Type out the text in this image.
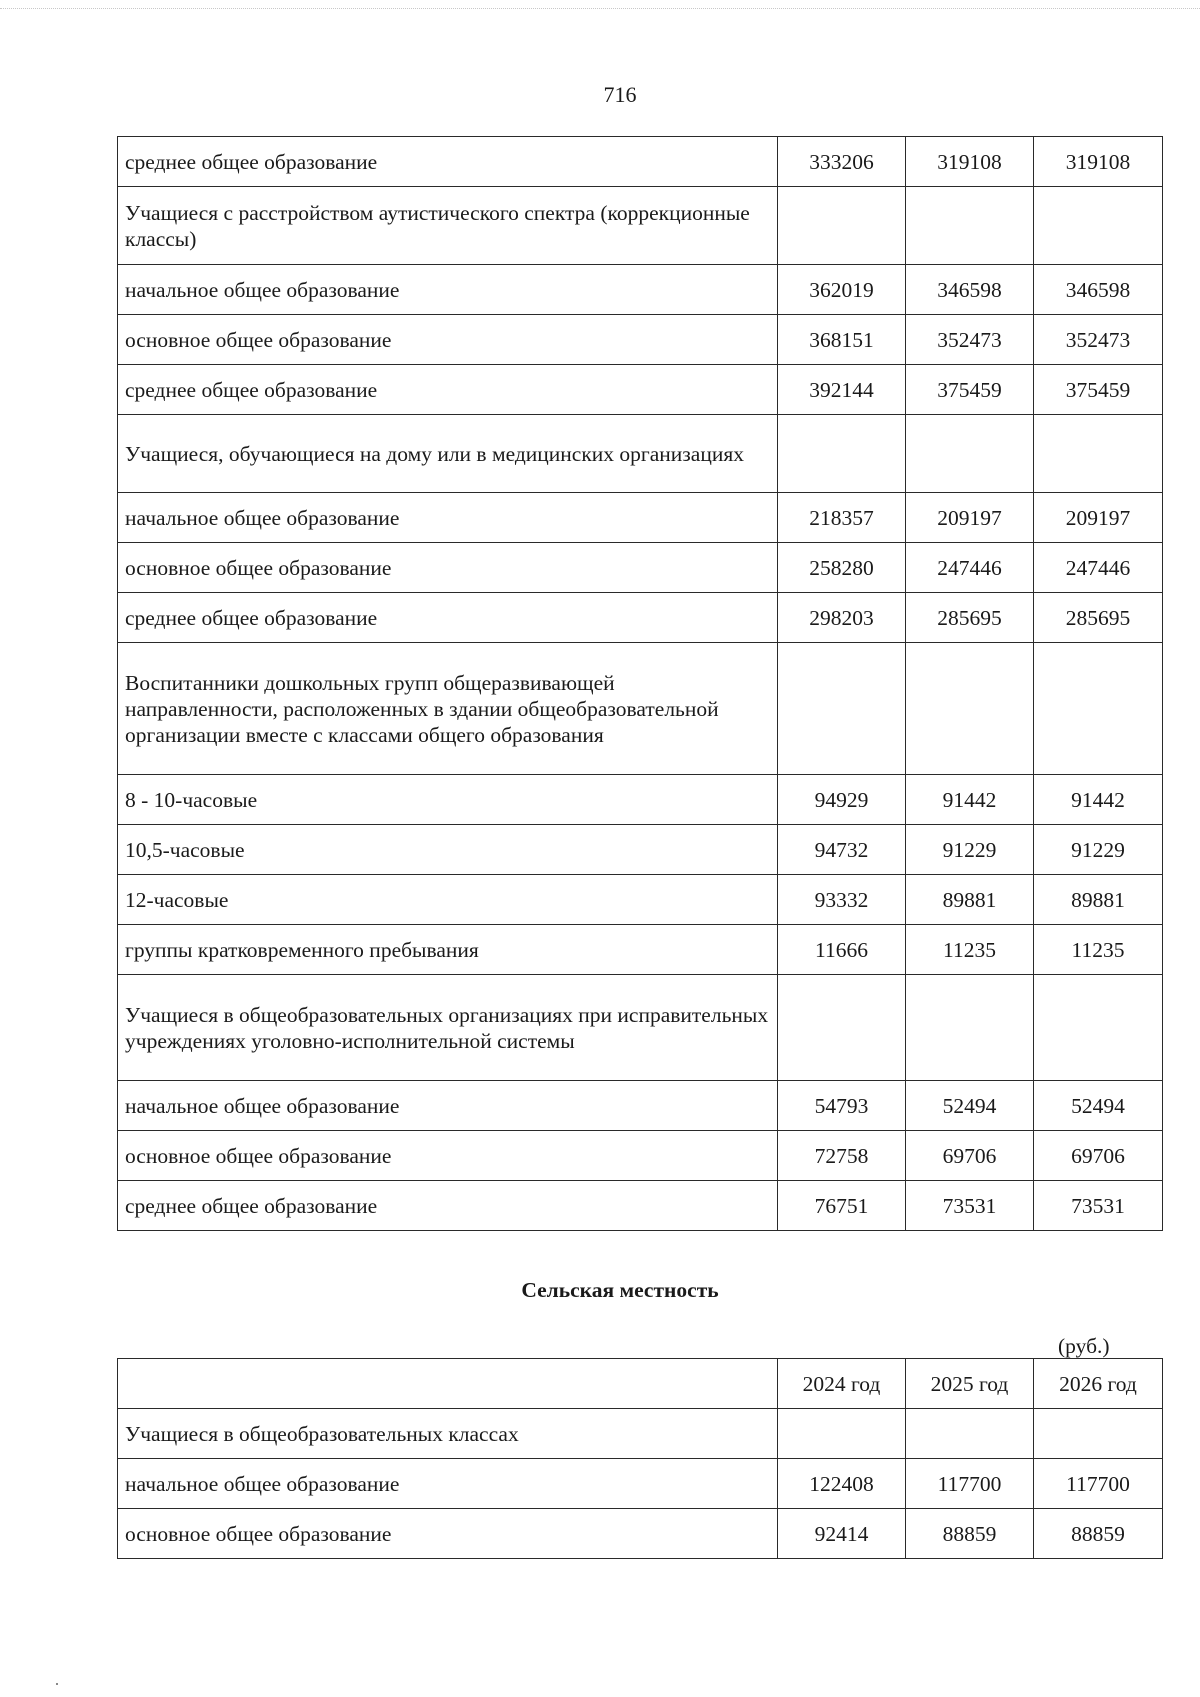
716
среднее общее образование	333206	319108	319108
Учащиеся с расстройством аутистического спектра (коррекционные классы)			
начальное общее образование	362019	346598	346598
основное общее образование	368151	352473	352473
среднее общее образование	392144	375459	375459
Учащиеся, обучающиеся на дому или в медицинских организациях			
начальное общее образование	218357	209197	209197
основное общее образование	258280	247446	247446
среднее общее образование	298203	285695	285695
Воспитанники дошкольных групп общеразвивающей направленности, расположенных в здании общеобразовательной организации вместе с классами общего образования			
8 - 10-часовые	94929	91442	91442
10,5-часовые	94732	91229	91229
12-часовые	93332	89881	89881
группы кратковременного пребывания	11666	11235	11235
Учащиеся в общеобразовательных организациях при исправительных учреждениях уголовно-исполнительной системы			
начальное общее образование	54793	52494	52494
основное общее образование	72758	69706	69706
среднее общее образование	76751	73531	73531
Сельская местность
(руб.)
	2024 год	2025 год	2026 год
Учащиеся в общеобразовательных классах			
начальное общее образование	122408	117700	117700
основное общее образование	92414	88859	88859
